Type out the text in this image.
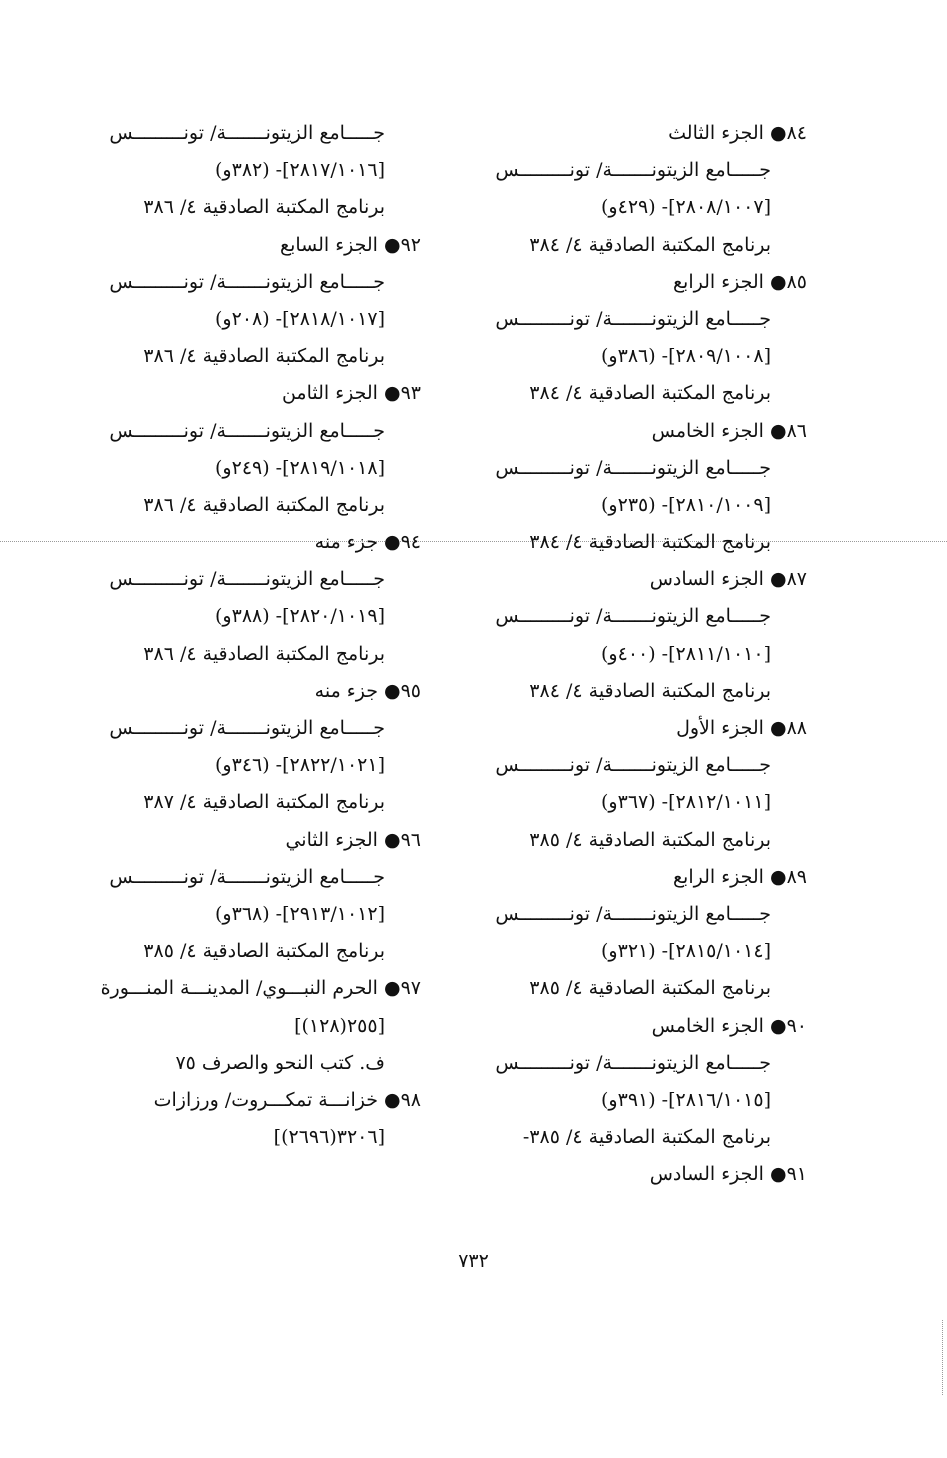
٨٤● الجزء الثالث
جـــــامع الزيتونـــــــة/ تونـــــــــس
[٢٨٠٨/١٠٠٧]- (٤٢٩و)
برنامج المكتبة الصادقية ٤/ ٣٨٤
٨٥● الجزء الرابع
جـــــامع الزيتونـــــــة/ تونـــــــــس
[٢٨٠٩/١٠٠٨]- (٣٨٦و)
برنامج المكتبة الصادقية ٤/ ٣٨٤
٨٦● الجزء الخامس
جـــــامع الزيتونـــــــة/ تونـــــــــس
[٢٨١٠/١٠٠٩]- (٢٣٥و)
برنامج المكتبة الصادقية ٤/ ٣٨٤
٨٧● الجزء السادس
جـــــامع الزيتونـــــــة/ تونـــــــــس
[٢٨١١/١٠١٠]- (٤٠٠و)
برنامج المكتبة الصادقية ٤/ ٣٨٤
٨٨● الجزء الأول
جـــــامع الزيتونـــــــة/ تونـــــــــس
[٢٨١٢/١٠١١]- (٣٦٧و)
برنامج المكتبة الصادقية ٤/ ٣٨٥
٨٩● الجزء الرابع
جـــــامع الزيتونـــــــة/ تونـــــــــس
[٢٨١٥/١٠١٤]- (٣٢١و)
برنامج المكتبة الصادقية ٤/ ٣٨٥
٩٠● الجزء الخامس
جـــــامع الزيتونـــــــة/ تونـــــــــس
[٢٨١٦/١٠١٥]- (٣٩١و)
برنامج المكتبة الصادقية ٤/ ٣٨٥-
٩١● الجزء السادس
جـــــامع الزيتونـــــــة/ تونـــــــــس
[٢٨١٧/١٠١٦]- (٣٨٢و)
برنامج المكتبة الصادقية ٤/ ٣٨٦
٩٢● الجزء السابع
جـــــامع الزيتونـــــــة/ تونـــــــــس
[٢٨١٨/١٠١٧]- (٢٠٨و)
برنامج المكتبة الصادقية ٤/ ٣٨٦
٩٣● الجزء الثامن
جـــــامع الزيتونـــــــة/ تونـــــــــس
[٢٨١٩/١٠١٨]- (٢٤٩و)
برنامج المكتبة الصادقية ٤/ ٣٨٦
٩٤● جزء منه
جـــــامع الزيتونـــــــة/ تونـــــــــس
[٢٨٢٠/١٠١٩]- (٣٨٨و)
برنامج المكتبة الصادقية ٤/ ٣٨٦
٩٥● جزء منه
جـــــامع الزيتونـــــــة/ تونـــــــــس
[٢٨٢٢/١٠٢١]- (٣٤٦و)
برنامج المكتبة الصادقية ٤/ ٣٨٧
٩٦● الجزء الثاني
جـــــامع الزيتونـــــــة/ تونـــــــــس
[٢٩١٣/١٠١٢]- (٣٦٨و)
برنامج المكتبة الصادقية ٤/ ٣٨٥
٩٧● الحرم النبـــوي/ المدينـــة المنـــورة
[٢٥٥(١٢٨)]
ف. كتب النحو والصرف ٧٥
٩٨● خزانـــة تمكـــروت/ ورزازات
[٣٢٠٦(٢٦٩٦)]
٧٣٢
